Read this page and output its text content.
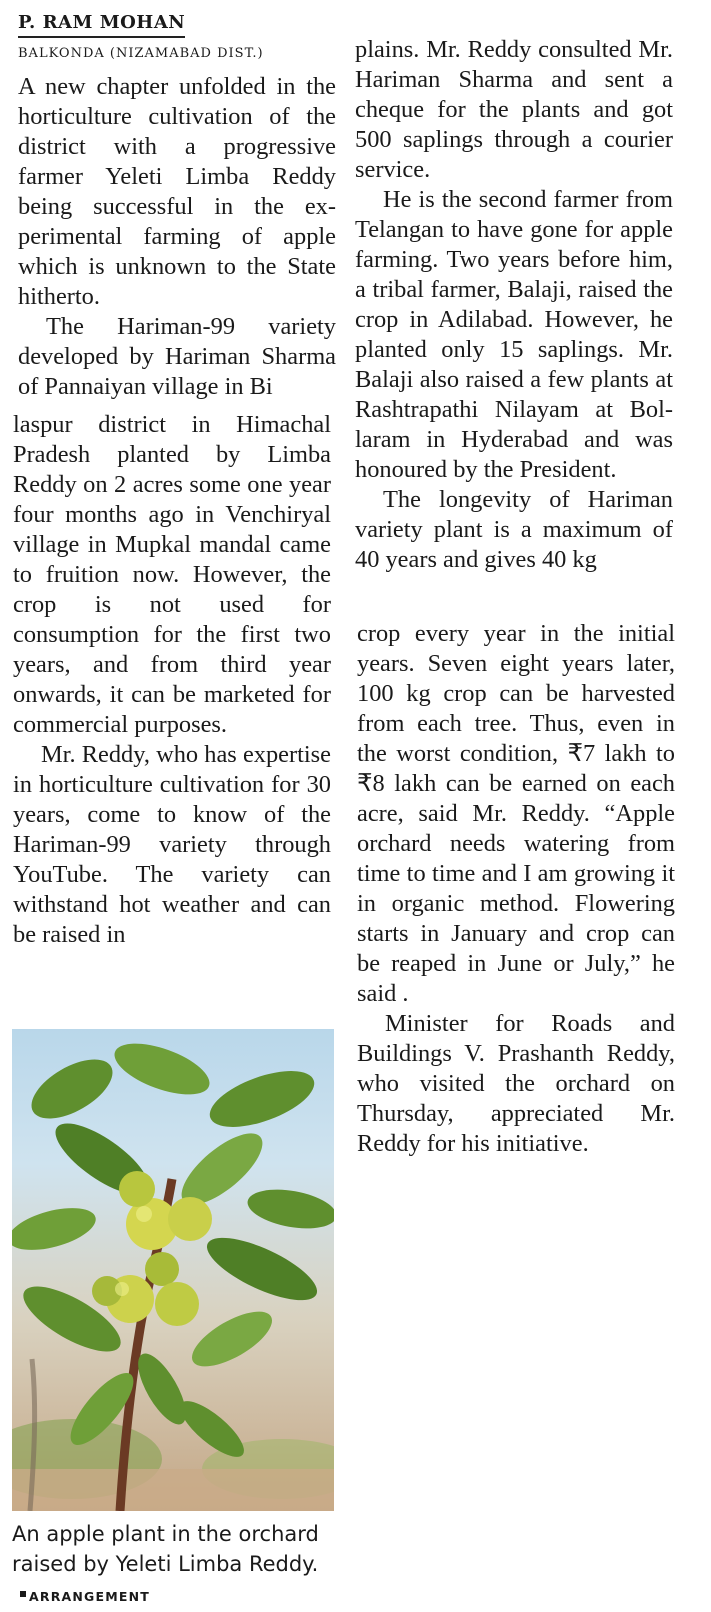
P. RAM MOHAN
BALKONDA (NIZAMABAD DIST.)

A new chapter unfolded in the horticulture cultivation of the district with a progressive farmer Yeleti Limba Reddy being successful in the experimental farming of apple which is unknown to the State hitherto.

The Hariman-99 variety developed by Hariman Sharma of Pannaiyan village in Bi

laspur district in Himachal Pradesh planted by Limba Reddy on 2 acres some one year four months ago in Venchiryal village in Mupkal mandal came to fruition now. However, the crop is not used for consumption for the first two years, and from third year onwards, it can be marketed for commercial purposes.

Mr. Reddy, who has expertise in horticulture cultivation for 30 years, come to know of the Hariman-99 variety through YouTube. The variety can withstand hot weather and can be raised in

plains. Mr. Reddy consulted Mr. Hariman Sharma and sent a cheque for the plants and got 500 saplings through a courier service.

He is the second farmer from Telangan to have gone for apple farming. Two years before him, a tribal farmer, Balaji, raised the crop in Adilabad. However, he planted only 15 saplings. Mr. Balaji also raised a few plants at Rashtrapathi Nilayam at Bollaram in Hyderabad and was honoured by the President.

The longevity of Hariman variety plant is a maximum of 40 years and gives 40 kg

crop every year in the initial years. Seven eight years later, 100 kg crop can be harvested from each tree. Thus, even in the worst condition, ₹7 lakh to ₹8 lakh can be earned on each acre, said Mr. Reddy. “Apple orchard needs watering from time to time and I am growing it in organic method. Flowering starts in January and crop can be reaped in June or July,” he said .

Minister for Roads and Buildings V. Prashanth Reddy, who visited the orchard on Thursday, appreciated Mr. Reddy for his initiative.

An apple plant in the orchard raised by Yeleti Limba Reddy.ARRANGEMENT
